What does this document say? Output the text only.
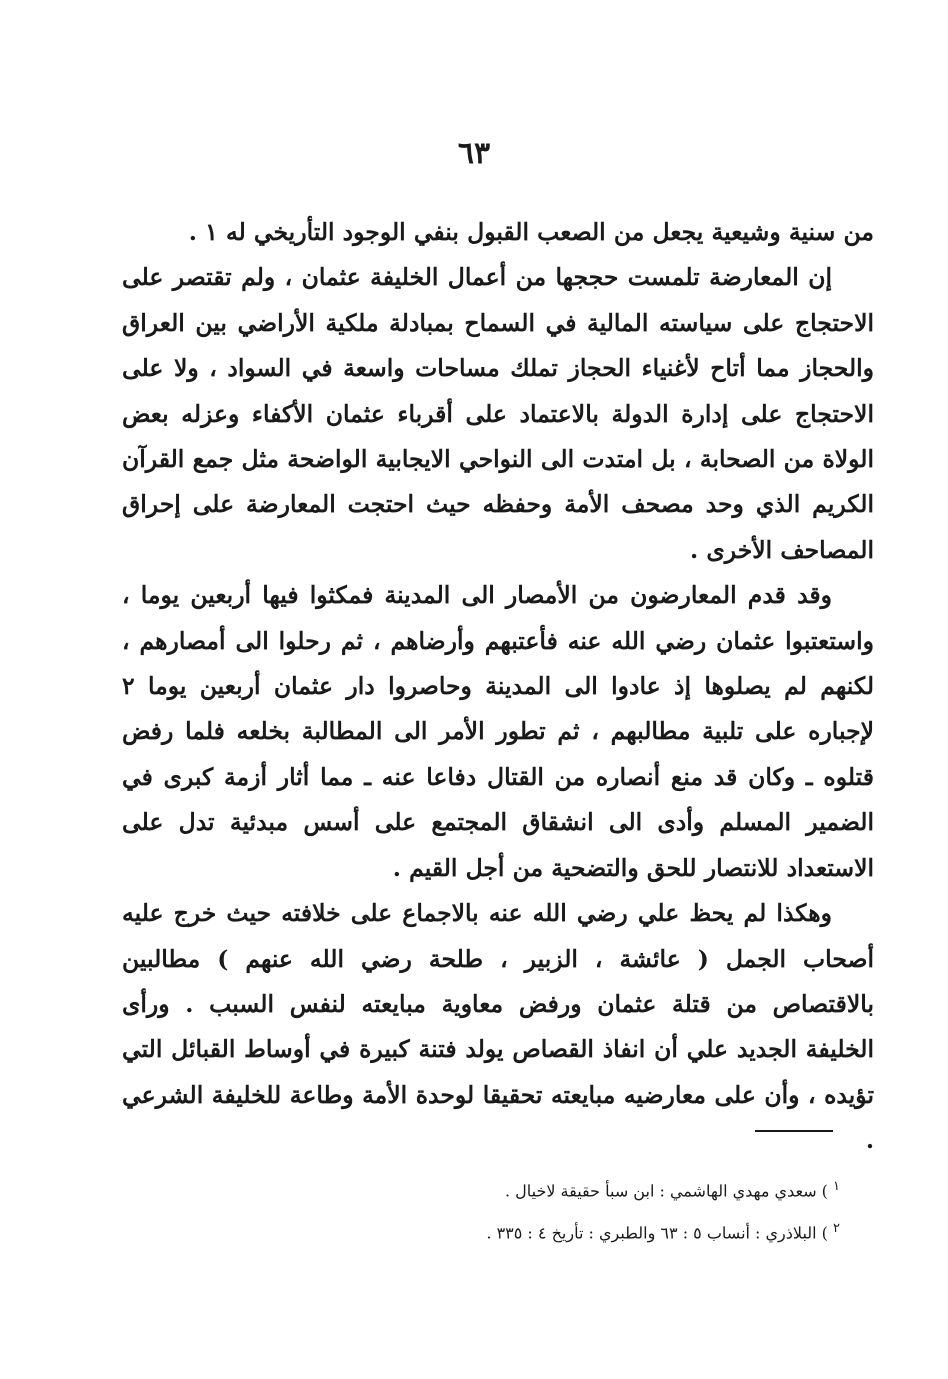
٦٣

من سنية وشيعية يجعل من الصعب القبول بنفي الوجود التأريخي له ١ .

إن المعارضة تلمست حججها من أعمال الخليفة عثمان ، ولم تقتصر على الاحتجاج على سياسته المالية في السماح بمبادلة ملكية الأراضي بين العراق والحجاز مما أتاح لأغنياء الحجاز تملك مساحات واسعة في السواد ، ولا على الاحتجاج على إدارة الدولة بالاعتماد على أقرباء عثمان الأكفاء وعزله بعض الولاة من الصحابة ، بل امتدت الى النواحي الايجابية الواضحة مثل جمع القرآن الكريم الذي وحد مصحف الأمة وحفظه حيث احتجت المعارضة على إحراق المصاحف الأخرى .

وقد قدم المعارضون من الأمصار الى المدينة فمكثوا فيها أربعين يوما ، واستعتبوا عثمان رضي الله عنه فأعتبهم وأرضاهم ، ثم رحلوا الى أمصارهم ، لكنهم لم يصلوها إذ عادوا الى المدينة وحاصروا دار عثمان أربعين يوما ٢ لإجباره على تلبية مطالبهم ، ثم تطور الأمر الى المطالبة بخلعه فلما رفض قتلوه ـ وكان قد منع أنصاره من القتال دفاعا عنه ـ مما أثار أزمة كبرى في الضمير المسلم وأدى الى انشقاق المجتمع على أسس مبدئية تدل على الاستعداد للانتصار للحق والتضحية من أجل القيم .

وهكذا لم يحظ علي رضي الله عنه بالاجماع على خلافته حيث خرج عليه أصحاب الجمل ( عائشة ، الزبير ، طلحة رضي الله عنهم ) مطالبين بالاقتصاص من قتلة عثمان ورفض معاوية مبايعته لنفس السبب . ورأى الخليفة الجديد علي أن انفاذ القصاص يولد فتنة كبيرة في أوساط القبائل التي تؤيده ، وأن على معارضيه مبايعته تحقيقا لوحدة الأمة وطاعة للخليفة الشرعي .

$^١$ ) سعدي مهدي الهاشمي : ابن سبأ حقيقة لاخيال .

$^٢$ ) البلاذري : أنساب ٥ : ٦٣ والطبري : تأريخ ٤ : ٣٣٥ .
